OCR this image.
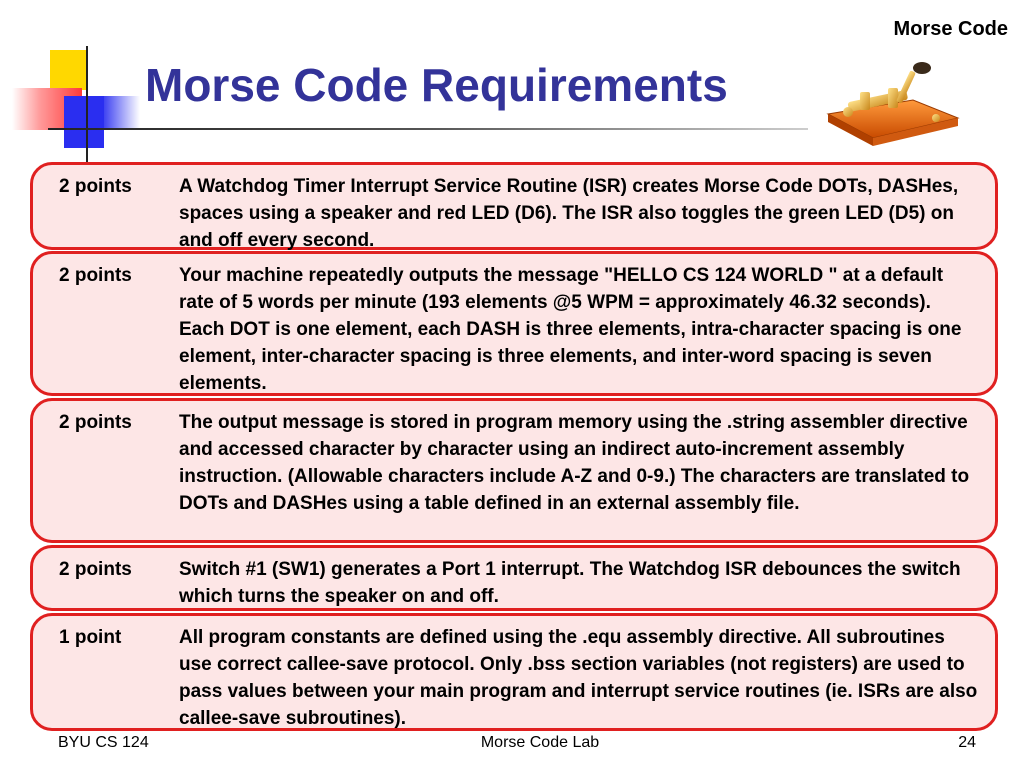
Morse Code
Morse Code Requirements
2 points	A Watchdog Timer Interrupt Service Routine (ISR) creates Morse Code DOTs, DASHes, spaces using a speaker and red LED (D6). The ISR also toggles the green LED (D5) on and off every second.
2 points	Your machine repeatedly outputs the message "HELLO CS 124 WORLD " at a default rate of 5 words per minute (193 elements @5 WPM = approximately 46.32 seconds). Each DOT is one element, each DASH is three elements, intra-character spacing is one element, inter-character spacing is three elements, and inter-word spacing is seven elements.
2 points	The output message is stored in program memory using the .string assembler directive and accessed character by character using an indirect auto-increment assembly instruction. (Allowable characters include A-Z and 0-9.) The characters are translated to DOTs and DASHes using a table defined in an external assembly file.
2 points	Switch #1 (SW1) generates a Port 1 interrupt. The Watchdog ISR debounces the switch which turns the speaker on and off.
1 point	All program constants are defined using the .equ assembly directive. All subroutines use correct callee-save protocol. Only .bss section variables (not registers) are used to pass values between your main program and interrupt service routines (ie. ISRs are also callee-save subroutines).
BYU CS 124	Morse Code Lab	24
